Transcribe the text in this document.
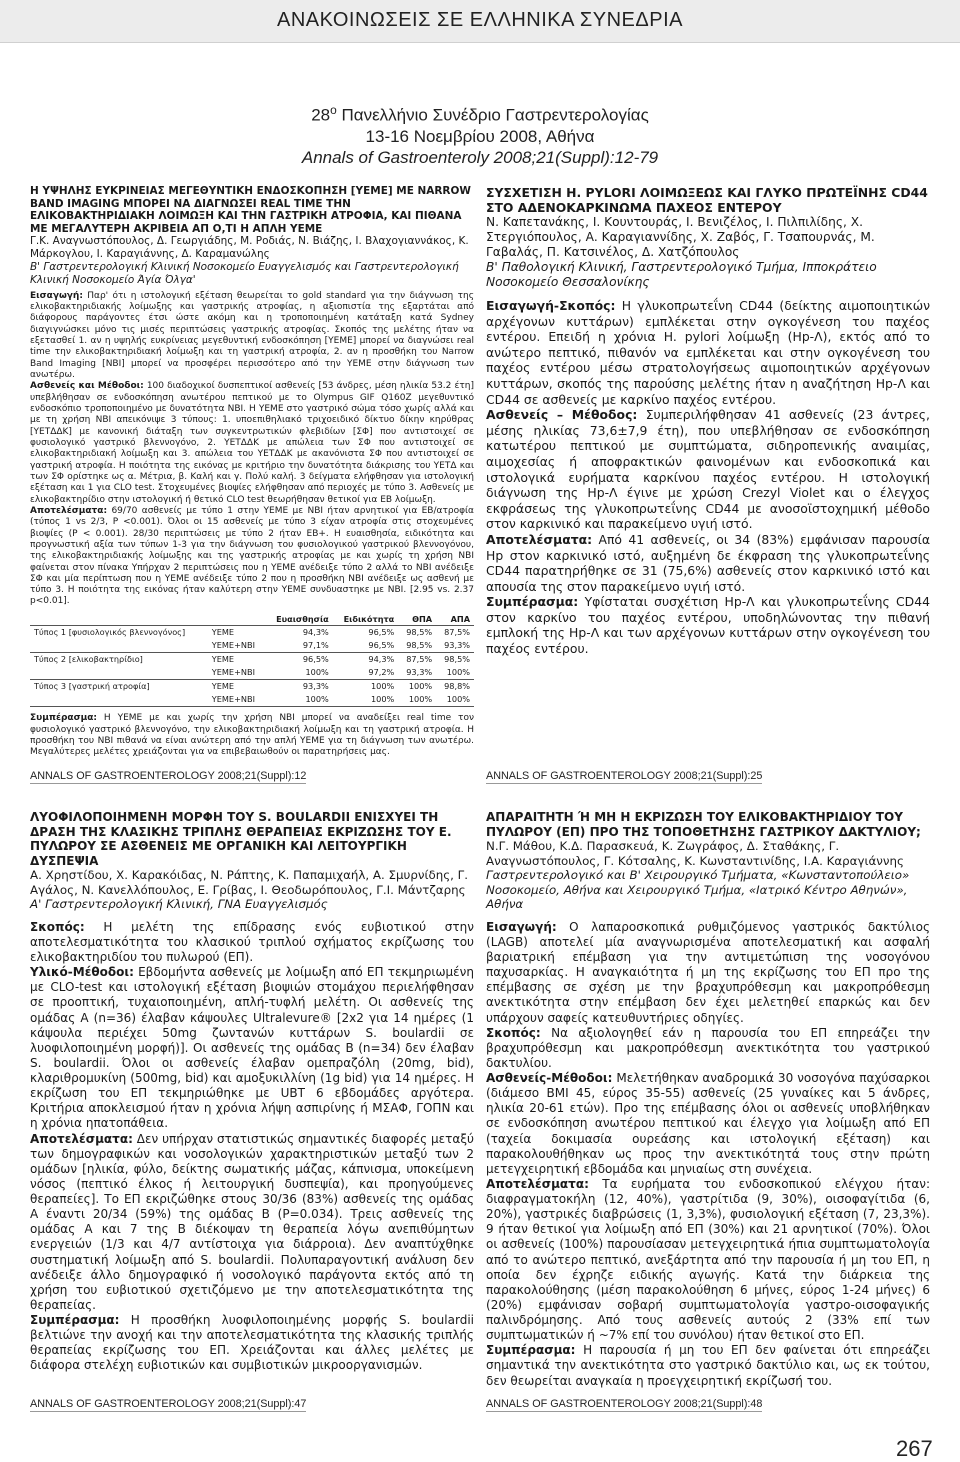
ΑΝΑΚΟΙΝΩΣΕΙΣ ΣΕ ΕΛΛΗΝΙΚΑ ΣΥΝΕΔΡΙΑ
$28^o$ Πανελλήνιο Συνέδριο Γαστρεντερολογίας
13-16 Νοεμβρίου 2008, Αθήνα
Annals of Gastroenteroly 2008;21(Suppl):12-79

Η ΥΨΗΛΗΣ ΕΥΚΡΙΝΕΙΑΣ ΜΕΓΕΘΥΝΤΙΚΗ ΕΝΔΟΣΚΟΠΗΣΗ [ΥΕΜΕ] ΜΕ NARROW BAND IMAGING ΜΠΟΡΕΙ ΝΑ ΔΙΑΓΝΩΣΕΙ REAL TIME ΤΗΝ ΕΛΙΚΟΒΑΚΤΗΡΙΔΙΑΚΗ ΛΟΙΜΩΞΗ ΚΑΙ ΤΗΝ ΓΑΣΤΡΙΚΗ ΑΤΡΟΦΙΑ, ΚΑΙ ΠΙΘΑΝΑ ΜΕ ΜΕΓΑΛΥΤΕΡΗ ΑΚΡΙΒΕΙΑ ΑΠ Ο,ΤΙ Η ΑΠΛΗ ΥΕΜΕ

Γ.Κ. Αναγνωστόπουλος, Δ. Γεωργιάδης, Μ. Ροδιάς, Ν. Βιάζης, Ι. Βλαχογιαννάκος, Κ. Μάρκογλου, Ι. Καραγιάννης, Δ. Καραμανώλης

Β' Γαστρεντερολογική Κλινική Νοσοκομείο Ευαγγελισμός και Γαστρεντερολογική Κλινική Νοσοκομείο Άγία Όλγα'

Εισαγωγή: Παρ' ότι η ιστολογική εξέταση θεωρείται το gold standard για την διάγνωση της ελικοβακτηριδιακής λοίμωξης και γαστρικής ατροφίας, η αξιοπιστία της εξαρτάται από διάφορους παράγοντες έτσι ώστε ακόμη και η τροποποιημένη κατάταξη κατά Sydney διαγιγνώσκει μόνο τις μισές περιπτώσεις γαστρικής ατροφίας. Σκοπός της μελέτης ήταν να εξετασθεί 1. αν η υψηλής ευκρίνειας μεγεθυντική ενδοσκόπηση [ΥΕΜΕ] μπορεί να διαγνώσει real time την ελικοβακτηριδιακή λοίμωξη και τη γαστρική ατροφία, 2. αν η προσθήκη του Narrow Band Imaging [NBI] μπορεί να προσφέρει περισσότερο από την ΥΕΜΕ στην διάγνωση των ανωτέρω.

Ασθενείς και Μέθοδοι: 100 διαδοχικοί δυσπεπτικοί ασθενείς [53 άνδρες, μέση ηλικία 53.2 έτη] υπεβλήθησαν σε ενδοσκόπηση ανωτέρου πεπτικού με το Olympus GIF Q160Z μεγεθυντικό ενδοσκόπιο τροποποιημένο με δυνατότητα NBI. Η ΥΕΜΕ στο γαστρικό σώμα τόσο χωρίς αλλά και με τη χρήση NBI απεικόνιψε 3 τύπους: 1. υποεπιθηλιακό τριχοειδικό δίκτυο δίκην κηρύθρας [ΥΕΤΔΔΚ] με κανονική διάταξη των συγκεντρωτικών φλεβιδίων [ΣΦ] που αντιστοιχεί σε φυσιολογικό γαστρικό βλεννογόνο, 2. ΥΕΤΔΔΚ με απώλεια των ΣΦ που αντιστοιχεί σε ελικοβακτηριδιακή λοίμωξη και 3. απώλεια του ΥΕΤΔΔΚ με ακανόνιστα ΣΦ που αντιστοιχεί σε γαστρική ατροφία. Η ποιότητα της εικόνας με κριτήριο την δυνατότητα διάκρισης του ΥΕΤΔ και των ΣΦ ορίστηκε ως α. Μέτρια, β. Καλή και γ. Πολύ καλή. 3 δείγματα ελήφθησαν για ιστολογική εξέταση και 1 για CLO test. Στοχευμένες βιοψίες ελήφθησαν από περιοχές με τύπο 3. Ασθενείς με ελικοβακτηρίδιο στην ιστολογική ή θετικό CLO test θεωρήθησαν θετικοί για ΕΒ λοίμωξη.

Αποτελέσματα: 69/70 ασθενείς με τύπο 1 στην ΥΕΜΕ με NBI ήταν αρνητικοί για ΕΒ/ατροφία (τύπος 1 vs 2/3, P <0.001). Όλοι οι 15 ασθενείς με τύπο 3 είχαν ατροφία στις στοχευμένες βιοψίες (P < 0.001). 28/30 περιπτώσεις με τύπο 2 ήταν ΕΒ+. Η ευαισθησία, ειδικότητα και προγνωστική αξία των τύπων 1-3 για την διάγνωση του φυσιολογικού γαστρικού βλεννογόνου, της ελικοβακτηριδιακής λοίμωξης και της γαστρικής ατροφίας με και χωρίς τη χρήση NBI φαίνεται στον πίνακα Υπήρχαν 2 περιπτώσεις που η ΥΕΜΕ ανέδειξε τύπο 2 αλλά το NBI ανέδειξε ΣΦ και μία περίπτωση που η ΥΕΜΕ ανέδειξε τύπο 2 που η προσθήκη NBI ανέδειξε ως ασθενή με τύπο 3. Η ποιότητα της εικόνας ήταν καλύτερη στην ΥΕΜΕ συνδυαστηκε με NBI. [2.95 vs. 2.37 p<0.01].

		Ευαισθησία	Ειδικότητα	ΘΠΑ	ΑΠΑ
Τύπος 1 [φυσιολογικός βλεννογόνος]	ΥΕΜΕ	94,3%	96,5%	98,5%	87,5%
	ΥΕΜΕ+NBI	97,1%	96,5%	98,5%	93,3%
Τύπος 2 [ελικοβακτηρίδιο]	ΥΕΜΕ	96,5%	94,3%	87,5%	98,5%
	ΥΕΜΕ+NBI	100%	97,2%	93,3%	100%
Τύπος 3 [γαστρική ατροφία]	ΥΕΜΕ	93,3%	100%	100%	98,8%
	ΥΕΜΕ+NBI	100%	100%	100%	100%

Συμπέρασμα: Η ΥΕΜΕ με και χωρίς την χρήση NBI μπορεί να αναδείξει real time τον φυσιολογικό γαστρικό βλεννογόνο, την ελικοβακτηριδιακή λοίμωξη και τη γαστρική ατροφία. Η προσθήκη του NBI πιθανά να είναι ανώτερη από την απλή ΥΕΜΕ για τη διάγνωση των ανωτέρω. Μεγαλύτερες μελέτες χρειάζονται για να επιβεβαιωθούν οι παρατηρήσεις μας.

ANNALS OF GASTROENTEROLOGY 2008;21(Suppl):12

ΣΥΣΧΕΤΙΣΗ H. PYLORI ΛΟΙΜΩΞΕΩΣ ΚΑΙ ΓΛΥΚΟ ΠΡΩΤΕΪΝΗΣ CD44 ΣΤΟ ΑΔΕΝΟΚΑΡΚΙΝΩΜΑ ΠΑΧΕΟΣ ΕΝΤΕΡΟΥ

Ν. Καπετανάκης, Ι. Κουντουράς, Ι. Βενιζέλος, Ι. Πιλπιλίδης, Χ. Στεργιόπουλος, Α. Καραγιαννίδης, Χ. Ζαβός, Γ. Τσαπουρνάς, Μ. Γαβαλάς, Π. Κατσινέλος, Δ. Χατζόπουλος

Β' Παθολογική Κλινική, Γαστρεντερολογικό Τμήμα, Ιπποκράτειο Νοσοκομείο Θεσσαλονίκης

Εισαγωγή-Σκοπός: Η γλυκοπρωτεΐνη CD44 (δείκτης αιμοποιητικών αρχέγονων κυττάρων) εμπλέκεται στην ογκογένεση του παχέος εντέρου. Επειδή η χρόνια H. pylori λοίμωξη (Hp-Λ), εκτός από το ανώτερο πεπτικό, πιθανόν να εμπλέκεται και στην ογκογένεση του παχέος εντέρου μέσω στρατολογήσεως αιμοποιητικών αρχέγονων κυττάρων, σκοπός της παρούσης μελέτης ήταν η αναζήτηση Hp-Λ και CD44 σε ασθενείς με καρκίνο παχέος εντέρου.

Ασθενείς – Μέθοδος: Συμπεριλήφθησαν 41 ασθενείς (23 άντρες, μέσης ηλικίας 73,6±7,9 έτη), που υπεβλήθησαν σε ενδοσκόπηση κατωτέρου πεπτικού με συμπτώματα, σιδηροπενικής αναιμίας, αιμοχεσίας ή αποφρακτικών φαινομένων και ενδοσκοπικά και ιστολογικά ευρήματα καρκίνου παχέος εντέρου. Η ιστολογική διάγνωση της Hp-Λ έγινε με χρώση Crezyl Violet και ο έλεγχος εκφράσεως της γλυκοπρωτεΐνης CD44 με ανοσοϊστοχημική μέθοδο στον καρκινικό και παρακείμενο υγιή ιστό.

Αποτελέσματα: Από 41 ασθενείς, οι 34 (83%) εμφάνισαν παρουσία Hp στον καρκινικό ιστό, αυξημένη δε έκφραση της γλυκοπρωτεΐνης CD44 παρατηρήθηκε σε 31 (75,6%) ασθενείς στον καρκινικό ιστό και απουσία της στον παρακείμενο υγιή ιστό.

Συμπέρασμα: Υφίσταται συσχέτιση Hp-Λ και γλυκοπρωτεΐνης CD44 στον καρκίνο του παχέος εντέρου, υποδηλώνοντας την πιθανή εμπλοκή της Hp-Λ και των αρχέγονων κυττάρων στην ογκογένεση του παχέος εντέρου.

ANNALS OF GASTROENTEROLOGY 2008;21(Suppl):25

ΛΥΟΦΙΛΟΠΟΙΗΜΕΝΗ ΜΟΡΦΗ ΤΟΥ S. BOULARDII ΕΝΙΣΧΥΕΙ ΤΗ ΔΡΑΣΗ ΤΗΣ ΚΛΑΣΙΚΗΣ ΤΡΙΠΛΗΣ ΘΕΡΑΠΕΙΑΣ ΕΚΡΙΖΩΣΗΣ ΤΟΥ E. ΠΥΛΩΡΟΥ ΣΕ ΑΣΘΕΝΕΙΣ ΜΕ ΟΡΓΑΝΙΚΗ ΚΑΙ ΛΕΙΤΟΥΡΓΙΚΗ ΔΥΣΠΕΨΙΑ

Α. Χρηστίδου, Χ. Καρακόιδας, Ν. Ράπτης, Κ. Παπαμιχαήλ, Α. Σμυρνίδης, Γ. Αγάλος, Ν. Κανελλόπουλος, Ε. Γρίβας, Ι. Θεοδωρόπουλος, Γ.Ι. Μάντζαρης

Α' Γαστρεντερολογική Κλινική, ΓΝΑ Ευαγγελισμός

Σκοπός: Η μελέτη της επίδρασης ενός ευβιοτικού στην αποτελεσματικότητα του κλασικού τριπλού σχήματος εκρίζωσης του ελικοβακτηριδίου του πυλωρού (ΕΠ).

Υλικό-Μέθοδοι: Εβδομήντα ασθενείς με λοίμωξη από ΕΠ τεκμηριωμένη με CLO-test και ιστολογική εξέταση βιοψιών στομάχου περιελήφθησαν σε προοπτική, τυχαιοποιημένη, απλή-τυφλή μελέτη. Οι ασθενείς της ομάδας Α (n=36) έλαβαν κάψουλες Ultralevure® [2x2 για 14 ημέρες (1 κάψουλα περιέχει 50mg ζωντανών κυττάρων S. boulardii σε λυοφιλοποιημένη μορφή)]. Οι ασθενείς της ομάδας Β (n=34) δεν έλαβαν S. boulardii. Όλοι οι ασθενείς έλαβαν ομεπραζόλη (20mg, bid), κλαριθρομυκίνη (500mg, bid) και αμοξυκιλλίνη (1g bid) για 14 ημέρες. Η εκρίζωση του ΕΠ τεκμηριώθηκε με UBT 6 εβδομάδες αργότερα. Κριτήρια αποκλεισμού ήταν η χρόνια λήψη ασπιρίνης ή ΜΣΑΦ, ΓΟΠΝ και η χρόνια ηπατοπάθεια.

Αποτελέσματα: Δεν υπήρχαν στατιστικώς σημαντικές διαφορές μεταξύ των δημογραφικών και νοσολογικών χαρακτηριστικών μεταξύ των 2 ομάδων [ηλικία, φύλο, δείκτης σωματικής μάζας, κάπνισμα, υποκείμενη νόσος (πεπτικό έλκος ή λειτουργική δυσπεψία), και προηγούμενες θεραπείες]. Το ΕΠ εκριζώθηκε στους 30/36 (83%) ασθενείς της ομάδας Α έναντι 20/34 (59%) της ομάδας Β (P=0.034). Τρεις ασθενείς της ομάδας Α και 7 της Β διέκοψαν τη θεραπεία λόγω ανεπιθύμητων ενεργειών (1/3 και 4/7 αντίστοιχα για διάρροια). Δεν αναπτύχθηκε συστηματική λοίμωξη από S. boulardii. Πολυπαραγοντική ανάλυση δεν ανέδειξε άλλο δημογραφικό ή νοσολογικό παράγοντα εκτός από τη χρήση του ευβιοτικού σχετιζόμενο με την αποτελεσματικότητα της θεραπείας.

Συμπέρασμα: Η προσθήκη λυοφιλοποιημένης μορφής S. boulardii βελτιώνε την ανοχή και την αποτελεσματικότητα της κλασικής τριπλής θεραπείας εκρίζωσης του ΕΠ. Χρειάζονται και άλλες μελέτες με διάφορα στελέχη ευβιοτικών και συμβιοτικών μικροοργανισμών.

ANNALS OF GASTROENTEROLOGY 2008;21(Suppl):47

ΑΠΑΡΑΙΤΗΤΗ Ή ΜΗ Η ΕΚΡΙΖΩΣΗ ΤΟΥ ΕΛΙΚΟΒΑΚΤΗΡΙΔΙΟΥ ΤΟΥ ΠΥΛΩΡΟΥ (ΕΠ) ΠΡΟ ΤΗΣ ΤΟΠΟΘΕΤΗΣΗΣ ΓΑΣΤΡΙΚΟΥ ΔΑΚΤΥΛΙΟΥ;

Ν.Γ. Μάθου, Κ.Δ. Παρασκευά, Κ. Ζωγράφος, Δ. Σταθάκης, Γ. Αναγνωστόπουλος, Γ. Κότσαλης, Κ. Κωνσταντινίδης, Ι.Α. Καραγιάννης

Γαστρεντερολογικό και Β' Χειρουργικό Τμήματα, «Κωνσταντοπούλειο» Νοσοκομείο, Αθήνα και Χειρουργικό Τμήμα, «Ιατρικό Κέντρο Αθηνών», Αθήνα

Εισαγωγή: Ο λαπαροσκοπικά ρυθμιζόμενος γαστρικός δακτύλιος (LAGB) αποτελεί μία αναγνωρισμένα αποτελεσματική και ασφαλή βαριατρική επέμβαση για την αντιμετώπιση της νοσογόνου παχυσαρκίας. Η αναγκαιότητα ή μη της εκρίζωσης του ΕΠ προ της επέμβασης σε σχέση με την βραχυπρόθεσμη και μακροπρόθεσμη ανεκτικότητα στην επέμβαση δεν έχει μελετηθεί επαρκώς και δεν υπάρχουν σαφείς κατευθυντήριες οδηγίες.

Σκοπός: Να αξιολογηθεί εάν η παρουσία του ΕΠ επηρεάζει την βραχυπρόθεσμη και μακροπρόθεσμη ανεκτικότητα του γαστρικού δακτυλίου.

Ασθενείς-Μέθοδοι: Μελετήθηκαν αναδρομικά 30 νοσογόνα παχύσαρκοι (διάμεσο BMI 45, εύρος 35-55) ασθενείς (25 γυναίκες και 5 άνδρες, ηλικία 20-61 ετών). Προ της επέμβασης όλοι οι ασθενείς υποβλήθηκαν σε ενδοσκόπηση ανωτέρου πεπτικού και έλεγχο για λοίμωξη από ΕΠ (ταχεία δοκιμασία ουρεάσης και ιστολογική εξέταση) και παρακολουθήθηκαν ως προς την ανεκτικότητά τους στην πρώτη μετεγχειρητική εβδομάδα και μηνιαίως στη συνέχεια.

Αποτελέσματα: Τα ευρήματα του ενδοσκοπικού ελέγχου ήταν: διαφραγματοκήλη (12, 40%), γαστρίτιδα (9, 30%), οισοφαγίτιδα (6, 20%), γαστρικές διαβρώσεις (1, 3,3%), φυσιολογική εξέταση (7, 23,3%). 9 ήταν θετικοί για λοίμωξη από ΕΠ (30%) και 21 αρνητικοί (70%). Όλοι οι ασθενείς (100%) παρουσίασαν μετεγχειρητικά ήπια συμπτωματολογία από το ανώτερο πεπτικό, ανεξάρτητα από την παρουσία ή μη του ΕΠ, η οποία δεν έχρηζε ειδικής αγωγής. Κατά την διάρκεια της παρακολούθησης (μέση παρακολούθηση 6 μήνες, εύρος 1-24 μήνες) 6 (20%) εμφάνισαν σοβαρή συμπτωματολογία γαστρο-οισοφαγικής παλινδρόμησης. Από τους ασθενείς αυτούς 2 (33% επί των συμπτωματικών ή ~7% επί του συνόλου) ήταν θετικοί στο ΕΠ.

Συμπέρασμα: Η παρουσία ή μη του ΕΠ δεν φαίνεται ότι επηρεάζει σημαντικά την ανεκτικότητα στο γαστρικό δακτύλιο και, ως εκ τούτου, δεν θεωρείται αναγκαία η προεγχειρητική εκρίζωσή του.

ANNALS OF GASTROENTEROLOGY 2008;21(Suppl):48
267
